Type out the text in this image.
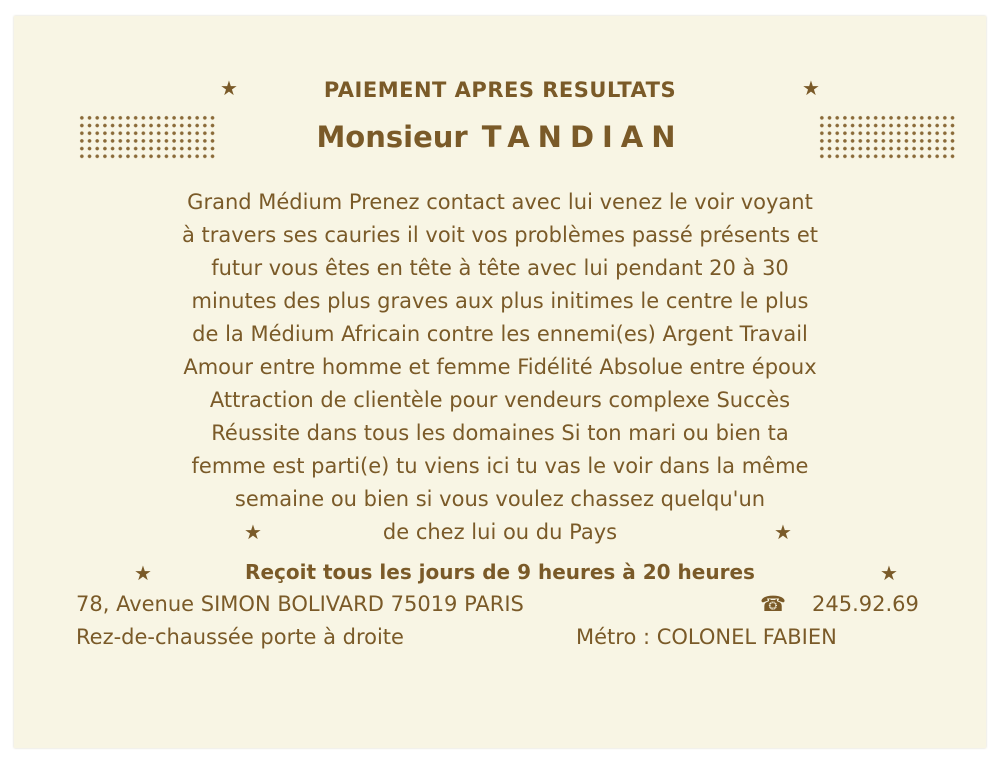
★	PAIEMENT APRES RESULTATS	★
Monsieur TANDIAN
Grand Médium Prenez contact avec lui venez le voir voyant
à travers ses cauries il voit vos problèmes passé présents et
futur vous êtes en tête à tête avec lui pendant 20 à 30
minutes des plus graves aux plus initimes le centre le plus
de la Médium Africain contre les ennemi(es) Argent Travail
Amour entre homme et femme Fidélité Absolue entre époux
Attraction de clientèle pour vendeurs complexe Succès
Réussite dans tous les domaines Si ton mari ou bien ta
femme est parti(e) tu viens ici tu vas le voir dans la même
semaine ou bien si vous voulez chassez quelqu'un
★	de chez lui ou du Pays	★
★	Reçoit tous les jours de 9 heures à 20 heures	★
78, Avenue SIMON BOLIVARD 75019 PARIS	☎ 245.92.69
Rez-de-chaussée porte à droite	Métro : COLONEL FABIEN
